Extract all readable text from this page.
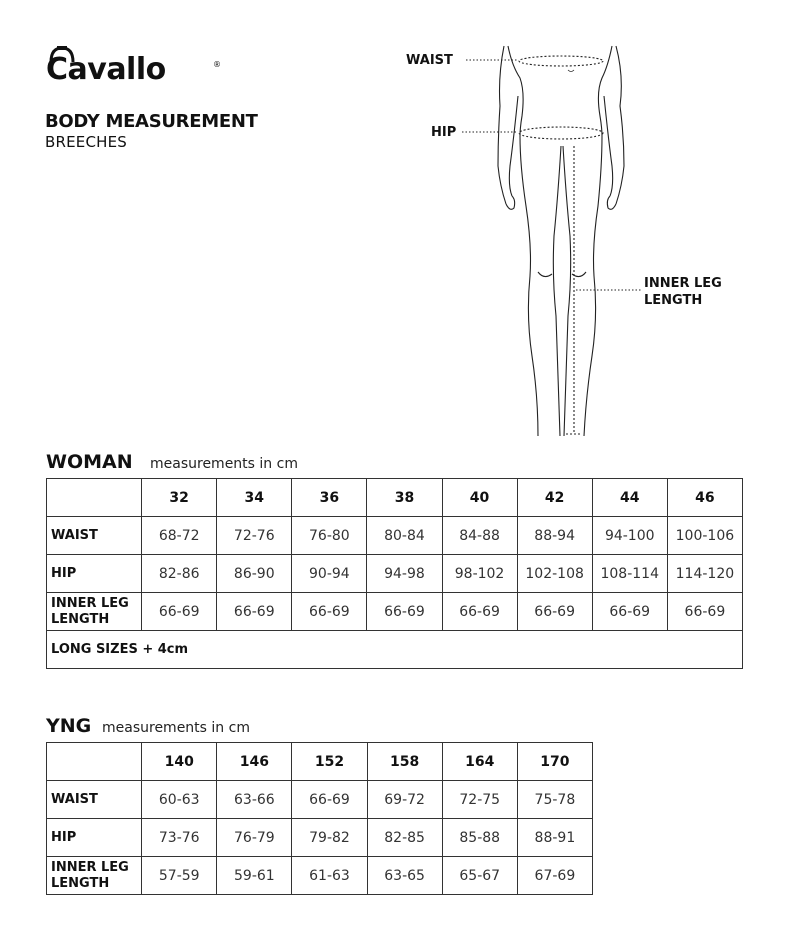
Cavallo	®
BODY MEASUREMENT
BREECHES
WAIST
HIP
INNER LEG
LENGTH
WOMAN measurements in cm
	32	34	36	38	40	42	44	46
WAIST	68-72	72-76	76-80	80-84	84-88	88-94	94-100	100-106
HIP	82-86	86-90	90-94	94-98	98-102	102-108	108-114	114-120

INNER LEG
LENGTH	66-69	66-69	66-69	66-69	66-69	66-69	66-69	66-69
LONG SIZES + 4cm								
YNG measurements in cm
	140	146	152	158	164	170
WAIST	60-63	63-66	66-69	69-72	72-75	75-78
HIP	73-76	76-79	79-82	82-85	85-88	88-91

INNER LEG
LENGTH	57-59	59-61	61-63	63-65	65-67	67-69
